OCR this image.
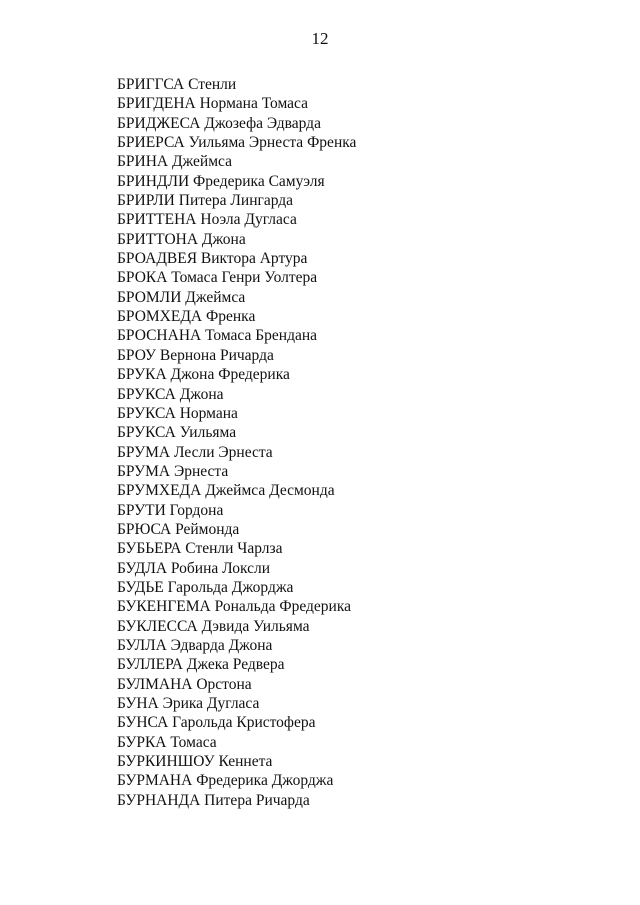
12
БРИГГСА Стенли
БРИГДЕНА Нормана Томаса
БРИДЖЕСА Джозефа Эдварда
БРИЕРСА Уильяма Эрнеста Френка
БРИНА Джеймса
БРИНДЛИ Фредерика Самуэля
БРИРЛИ Питера Лингарда
БРИТТЕНА Ноэла Дугласа
БРИТТОНА Джона
БРОАДВЕЯ Виктора Артура
БРОКА Томаса Генри Уолтера
БРОМЛИ Джеймса
БРОМХЕДА Френка
БРОСНАНА Томаса Брендана
БРОУ Вернона Ричарда
БРУКА Джона Фредерика
БРУКСА Джона
БРУКСА Нормана
БРУКСА Уильяма
БРУМА Лесли Эрнеста
БРУМА Эрнеста
БРУМХЕДА Джеймса Десмонда
БРУТИ Гордона
БРЮСА Реймонда
БУБЬЕРА Стенли Чарлза
БУДЛА Робина Локсли
БУДЬЕ Гарольда Джорджа
БУКЕНГЕМА Рональда Фредерика
БУКЛЕССА Дэвида Уильяма
БУЛЛА Эдварда Джона
БУЛЛЕРА Джека Редвера
БУЛМАНА Орстона
БУНА Эрика Дугласа
БУНСА Гарольда Кристофера
БУРКА Томаса
БУРКИНШОУ Кеннета
БУРМАНА Фредерика Джорджа
БУРНАНДА Питера Ричарда
